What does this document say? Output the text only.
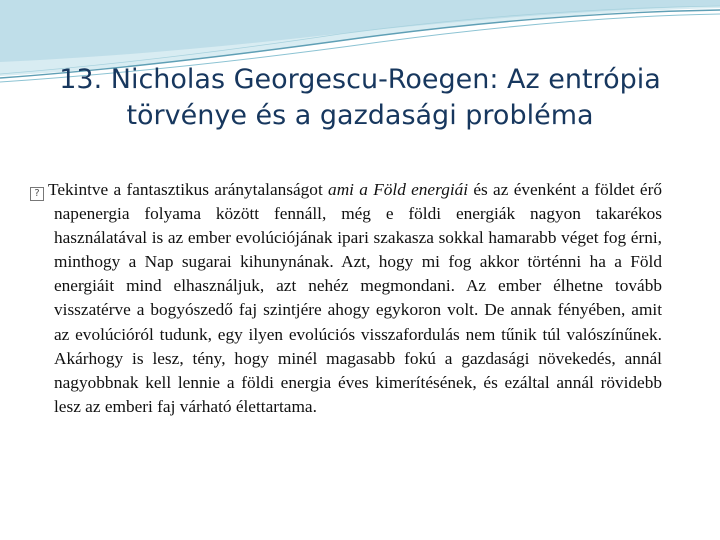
13. Nicholas Georgescu-Roegen: Az entrópia törvénye és a gazdasági probléma

? Tekintve a fantasztikus aránytalanságot ami a Föld energiái és az évenként a földet érő napenergia folyama között fennáll, még e földi energiák nagyon takarékos használatával is az ember evolúciójának ipari szakasza sokkal hamarabb véget fog érni, minthogy a Nap sugarai kihunynának. Azt, hogy mi fog akkor történni ha a Föld energiáit mind elhasználjuk, azt nehéz megmondani. Az ember élhetne tovább visszatérve a bogyószedő faj szintjére ahogy egykoron volt. De annak fényében, amit az evolúcióról tudunk, egy ilyen evolúciós visszafordulás nem tűnik túl valószínűnek. Akárhogy is lesz, tény, hogy minél magasabb fokú a gazdasági növekedés, annál nagyobbnak kell lennie a földi energia éves kimerítésének, és ezáltal annál rövidebb lesz az emberi faj várható élettartama.
